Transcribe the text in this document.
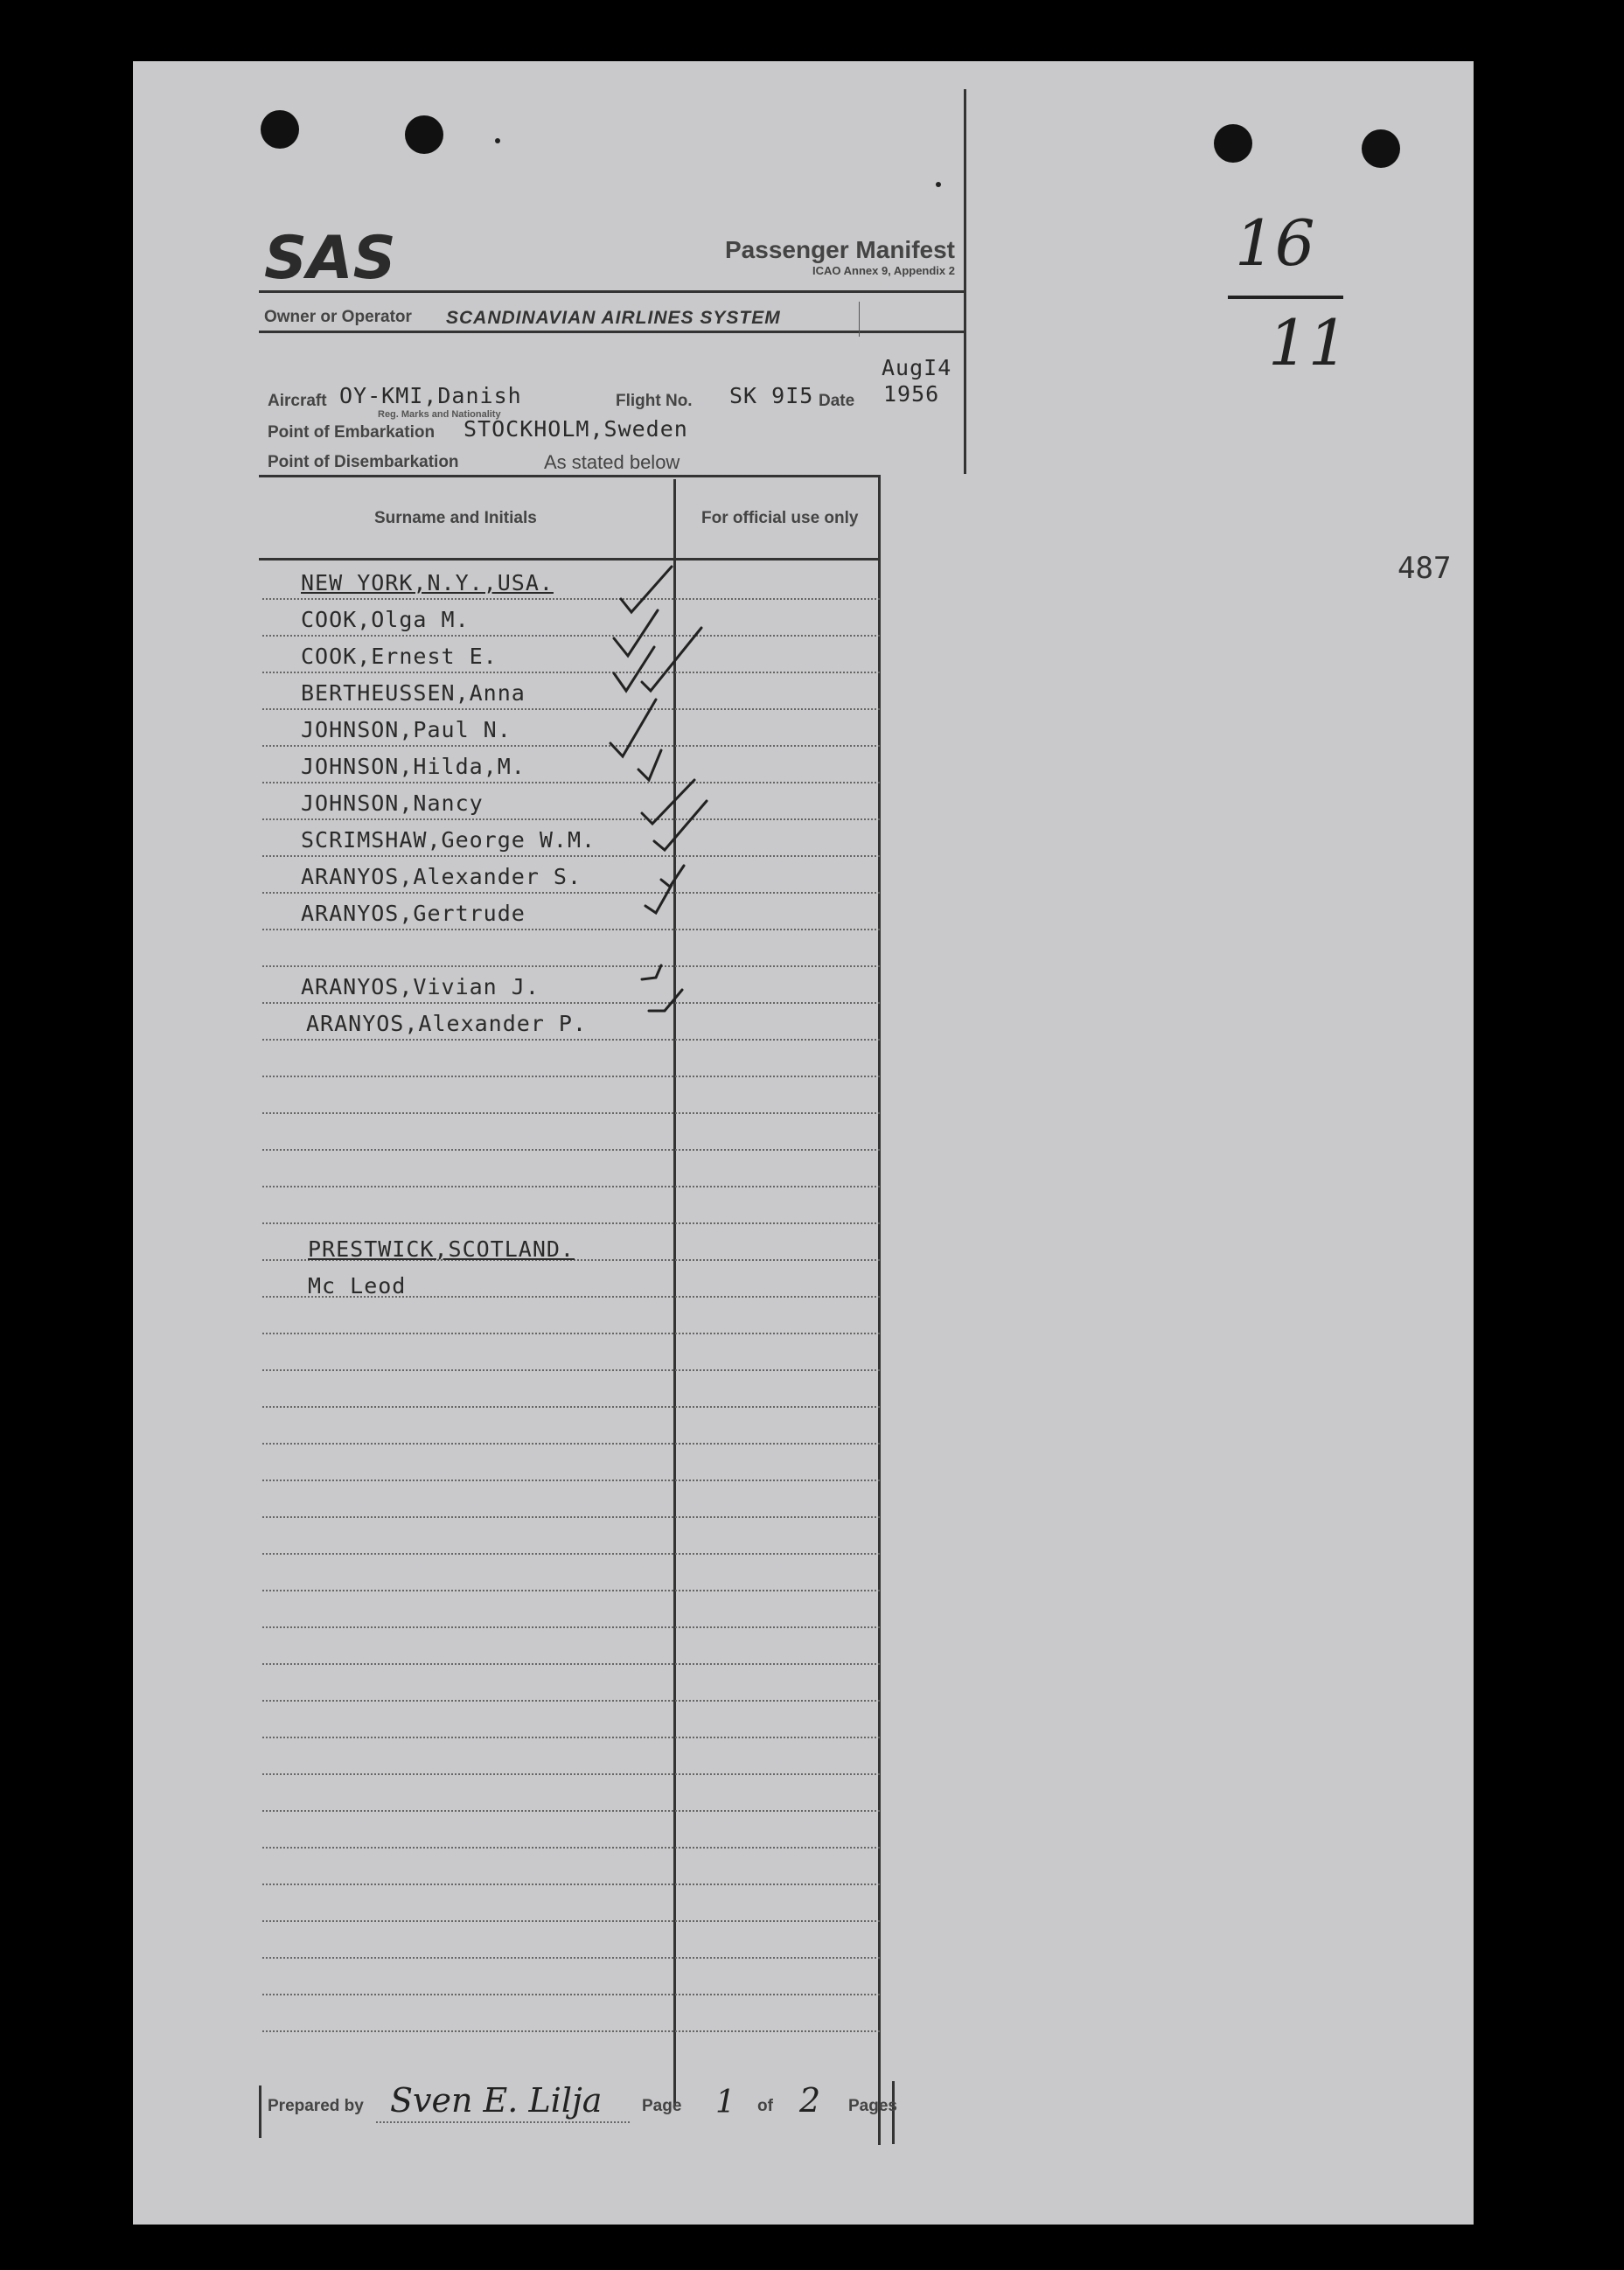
SAS	Passenger Manifest
ICAO Annex 9, Appendix 2
Owner or Operator SCANDINAVIAN AIRLINES SYSTEM
Aircraft OY-KMI,Danish
Reg. Marks and Nationality
Flight No. SK 9I5 Date
AugI4
1956
Point of Embarkation STOCKHOLM,Sweden
Point of Disembarkation	As stated below
Surname and Initials	For official use only
NEW YORK,N.Y.,USA.
COOK,Olga M.
COOK,Ernest E.
BERTHEUSSEN,Anna
JOHNSON,Paul N.
JOHNSON,Hilda,M.
JOHNSON,Nancy
SCRIMSHAW,George W.M.
ARANYOS,Alexander S.
ARANYOS,Gertrude
ARANYOS,Vivian J.
ARANYOS,Alexander P.
PRESTWICK,SCOTLAND.
Mc Leod
Prepared by Sven E. Lilja Page 1 of 2 Pages
16
11
487
